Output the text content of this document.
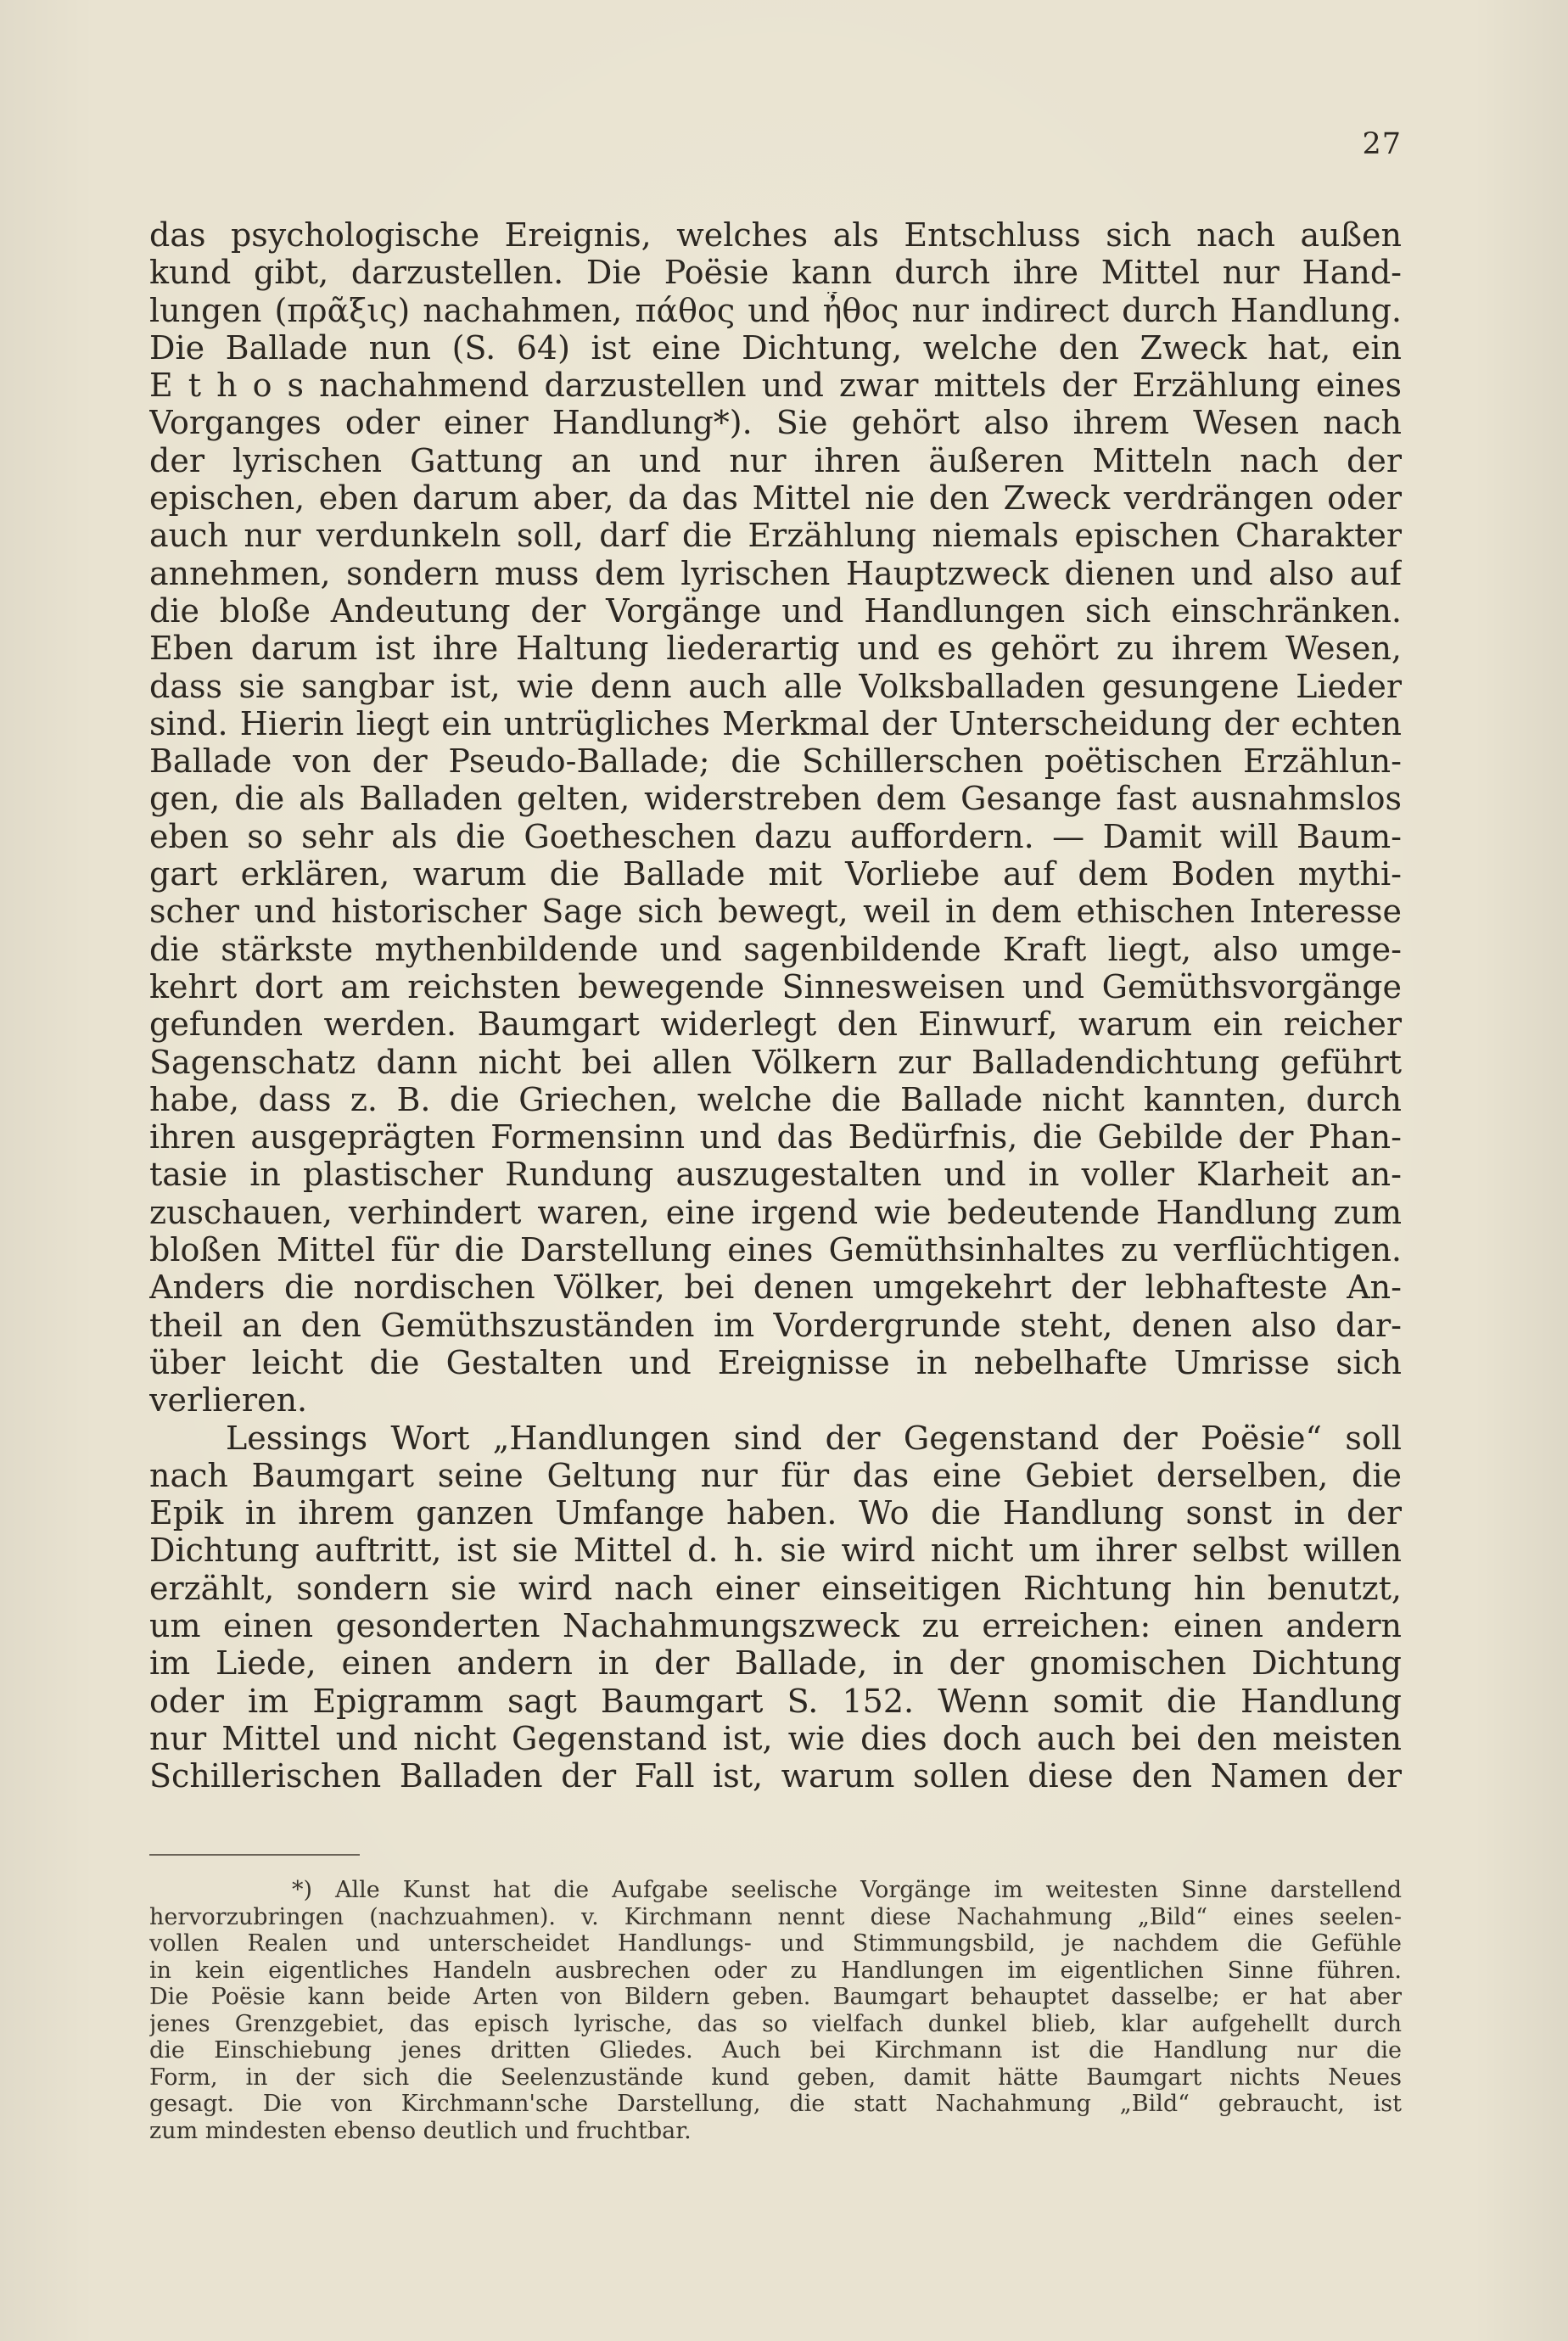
27
das psychologische Ereignis, welches als Entschluss sich nach außen
kund gibt, darzustellen. Die Poësie kann durch ihre Mittel nur Hand-
lungen (πρᾶξις) nachahmen, πάθος und ἦθος nur indirect durch Handlung.
Die Ballade nun (S. 64) ist eine Dichtung, welche den Zweck hat, ein
E t h o s nachahmend darzustellen und zwar mittels der Erzählung eines
Vorganges oder einer Handlung*). Sie gehört also ihrem Wesen nach
der lyrischen Gattung an und nur ihren äußeren Mitteln nach der
epischen, eben darum aber, da das Mittel nie den Zweck verdrängen oder
auch nur verdunkeln soll, darf die Erzählung niemals epischen Charakter
annehmen, sondern muss dem lyrischen Hauptzweck dienen und also auf
die bloße Andeutung der Vorgänge und Handlungen sich einschränken.
Eben darum ist ihre Haltung liederartig und es gehört zu ihrem Wesen,
dass sie sangbar ist, wie denn auch alle Volksballaden gesungene Lieder
sind. Hierin liegt ein untrügliches Merkmal der Unterscheidung der echten
Ballade von der Pseudo-Ballade; die Schillerschen poëtischen Erzählun-
gen, die als Balladen gelten, widerstreben dem Gesange fast ausnahmslos
eben so sehr als die Goetheschen dazu auffordern. — Damit will Baum-
gart erklären, warum die Ballade mit Vorliebe auf dem Boden mythi-
scher und historischer Sage sich bewegt, weil in dem ethischen Interesse
die stärkste mythenbildende und sagenbildende Kraft liegt, also umge-
kehrt dort am reichsten bewegende Sinnesweisen und Gemüthsvorgänge
gefunden werden. Baumgart widerlegt den Einwurf, warum ein reicher
Sagenschatz dann nicht bei allen Völkern zur Balladendichtung geführt
habe, dass z. B. die Griechen, welche die Ballade nicht kannten, durch
ihren ausgeprägten Formensinn und das Bedürfnis, die Gebilde der Phan-
tasie in plastischer Rundung auszugestalten und in voller Klarheit an-
zuschauen, verhindert waren, eine irgend wie bedeutende Handlung zum
bloßen Mittel für die Darstellung eines Gemüthsinhaltes zu verflüchtigen.
Anders die nordischen Völker, bei denen umgekehrt der lebhafteste An-
theil an den Gemüthszuständen im Vordergrunde steht, denen also dar-
über leicht die Gestalten und Ereignisse in nebelhafte Umrisse sich
verlieren.
Lessings Wort „Handlungen sind der Gegenstand der Poësie“ soll
nach Baumgart seine Geltung nur für das eine Gebiet derselben, die
Epik in ihrem ganzen Umfange haben. Wo die Handlung sonst in der
Dichtung auftritt, ist sie Mittel d. h. sie wird nicht um ihrer selbst willen
erzählt, sondern sie wird nach einer einseitigen Richtung hin benutzt,
um einen gesonderten Nachahmungszweck zu erreichen: einen andern
im Liede, einen andern in der Ballade, in der gnomischen Dichtung
oder im Epigramm sagt Baumgart S. 152. Wenn somit die Handlung
nur Mittel und nicht Gegenstand ist, wie dies doch auch bei den meisten
Schillerischen Balladen der Fall ist, warum sollen diese den Namen der
*) Alle Kunst hat die Aufgabe seelische Vorgänge im weitesten Sinne darstellend
hervorzubringen (nachzuahmen). v. Kirchmann nennt diese Nachahmung „Bild“ eines seelen-
vollen Realen und unterscheidet Handlungs- und Stimmungsbild, je nachdem die Gefühle
in kein eigentliches Handeln ausbrechen oder zu Handlungen im eigentlichen Sinne führen.
Die Poësie kann beide Arten von Bildern geben. Baumgart behauptet dasselbe; er hat aber
jenes Grenzgebiet, das episch lyrische, das so vielfach dunkel blieb, klar aufgehellt durch
die Einschiebung jenes dritten Gliedes. Auch bei Kirchmann ist die Handlung nur die
Form, in der sich die Seelenzustände kund geben, damit hätte Baumgart nichts Neues
gesagt. Die von Kirchmann'sche Darstellung, die statt Nachahmung „Bild“ gebraucht, ist
zum mindesten ebenso deutlich und fruchtbar.
